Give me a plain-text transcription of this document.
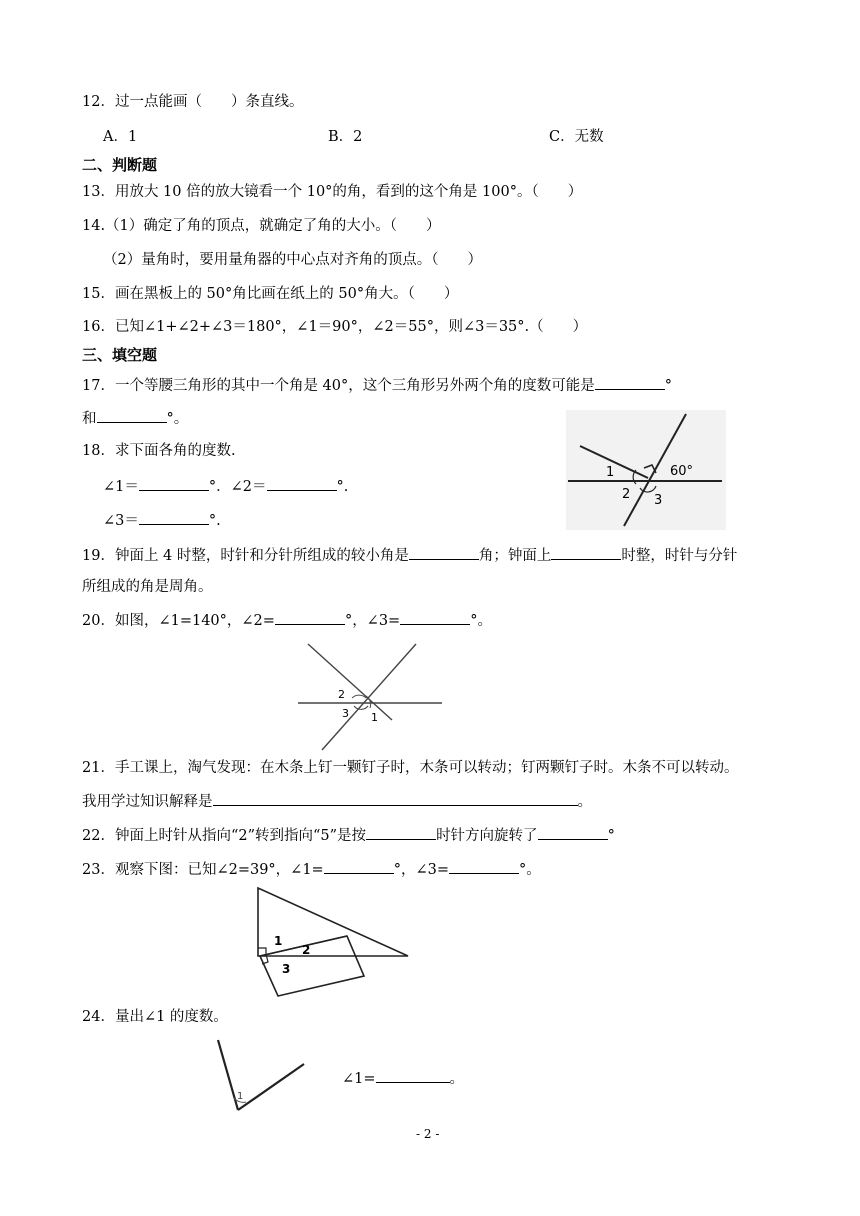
12．过一点能画（　　）条直线。
A．1	B．2	C．无数
二、判断题
13．用放大 10 倍的放大镜看一个 10°的角，看到的这个角是 100°。（　　）
14.（1）确定了角的顶点，就确定了角的大小。（　　）
（2）量角时，要用量角器的中心点对齐角的顶点。（　　）
15．画在黑板上的 50°角比画在纸上的 50°角大。（　　）
16．已知∠1+∠2+∠3＝180°，∠1＝90°，∠2＝55°，则∠3＝35°.（　　）
三、填空题
17．一个等腰三角形的其中一个角是 40°，这个三角形另外两个角的度数可能是	°
和	°。
18．求下面各角的度数.
∠1＝	°．∠2＝	°.
∠3＝	°.
1
2 3
60°
19．钟面上 4 时整，时针和分针所组成的较小角是	角；钟面上	时整，时针与分针
所组成的角是周角。
20．如图，∠1=140°，∠2=	°，∠3=	°。
2
3 1
21．手工课上，淘气发现：在木条上钉一颗钉子时，木条可以转动；钉两颗钉子时。木条不可以转动。
我用学过知识解释是	。
22．钟面上时针从指向“2”转到指向“5”是按	时针方向旋转了	°
23．观察下图：已知∠2=39°，∠1=	°，∠3=	°。
1
2
3
24．量出∠1 的度数。
1
∠1=	。
- 2 -
